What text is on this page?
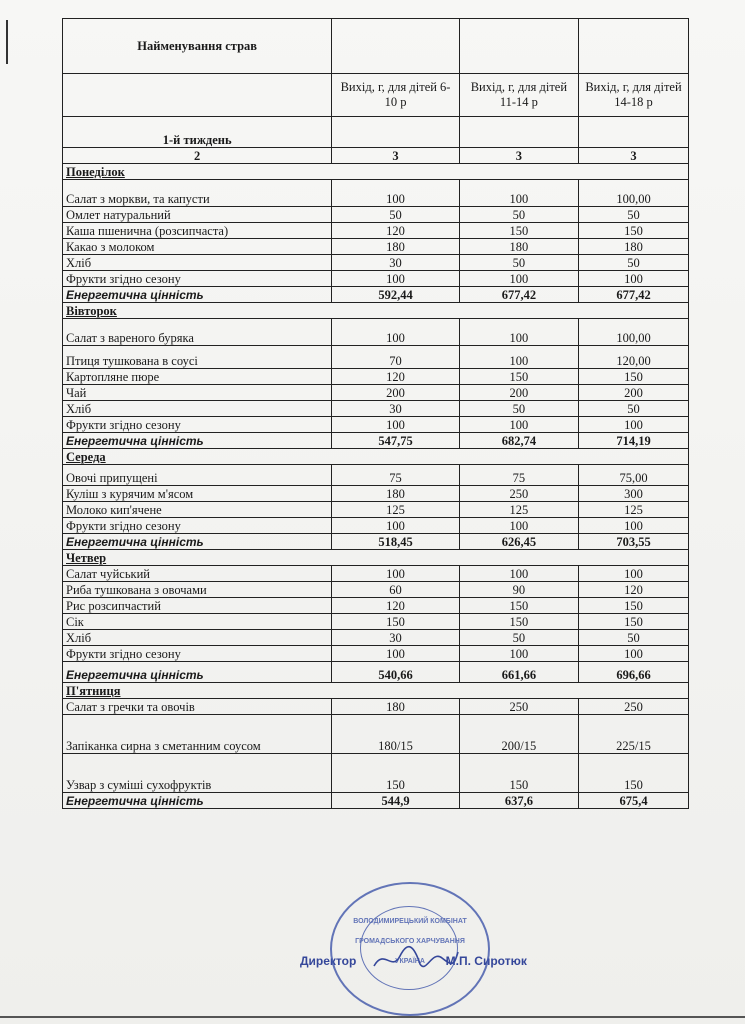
Найменування страв			
	Вихід, г, для дітей 6-10 р	Вихід, г, для дітей 11-14 р	Вихід, г, для дітей 14-18 р
1-й тиждень			
2	3	3	3
Понеділок			
Салат з моркви, та капусти	100	100	100,00
Омлет натуральний	50	50	50
Каша пшенична (розсипчаста)	120	150	150
Какао з молоком	180	180	180
Хліб	30	50	50
Фрукти згідно сезону	100	100	100
Енергетична цінність	592,44	677,42	677,42
Вівторок			
Салат з вареного буряка	100	100	100,00
Птиця тушкована в соусі	70	100	120,00
Картопляне пюре	120	150	150
Чай	200	200	200
Хліб	30	50	50
Фрукти згідно сезону	100	100	100
Енергетична цінність	547,75	682,74	714,19
Середа			
Овочі припущені	75	75	75,00
Куліш з курячим м'ясом	180	250	300
Молоко кип'ячене	125	125	125
Фрукти згідно сезону	100	100	100
Енергетична цінність	518,45	626,45	703,55
Четвер			
Салат чуйський	100	100	100
Риба тушкована з овочами	60	90	120
Рис розсипчастий	120	150	150
Сік	150	150	150
Хліб	30	50	50
Фрукти згідно сезону	100	100	100
Енергетична цінність	540,66	661,66	696,66
П'ятниця			
Салат з гречки та овочів	180	250	250
Запіканка сирна з сметанним соусом	180/15	200/15	225/15
Узвар з суміші сухофруктів	150	150	150
Енергетична цінність	544,9	637,6	675,4
Директор	М.П. Сиротюк
ВОЛОДИМИРЕЦЬКИЙ КОМБІНАТ
ГРОМАДСЬКОГО ХАРЧУВАННЯ
УКРАЇНА
